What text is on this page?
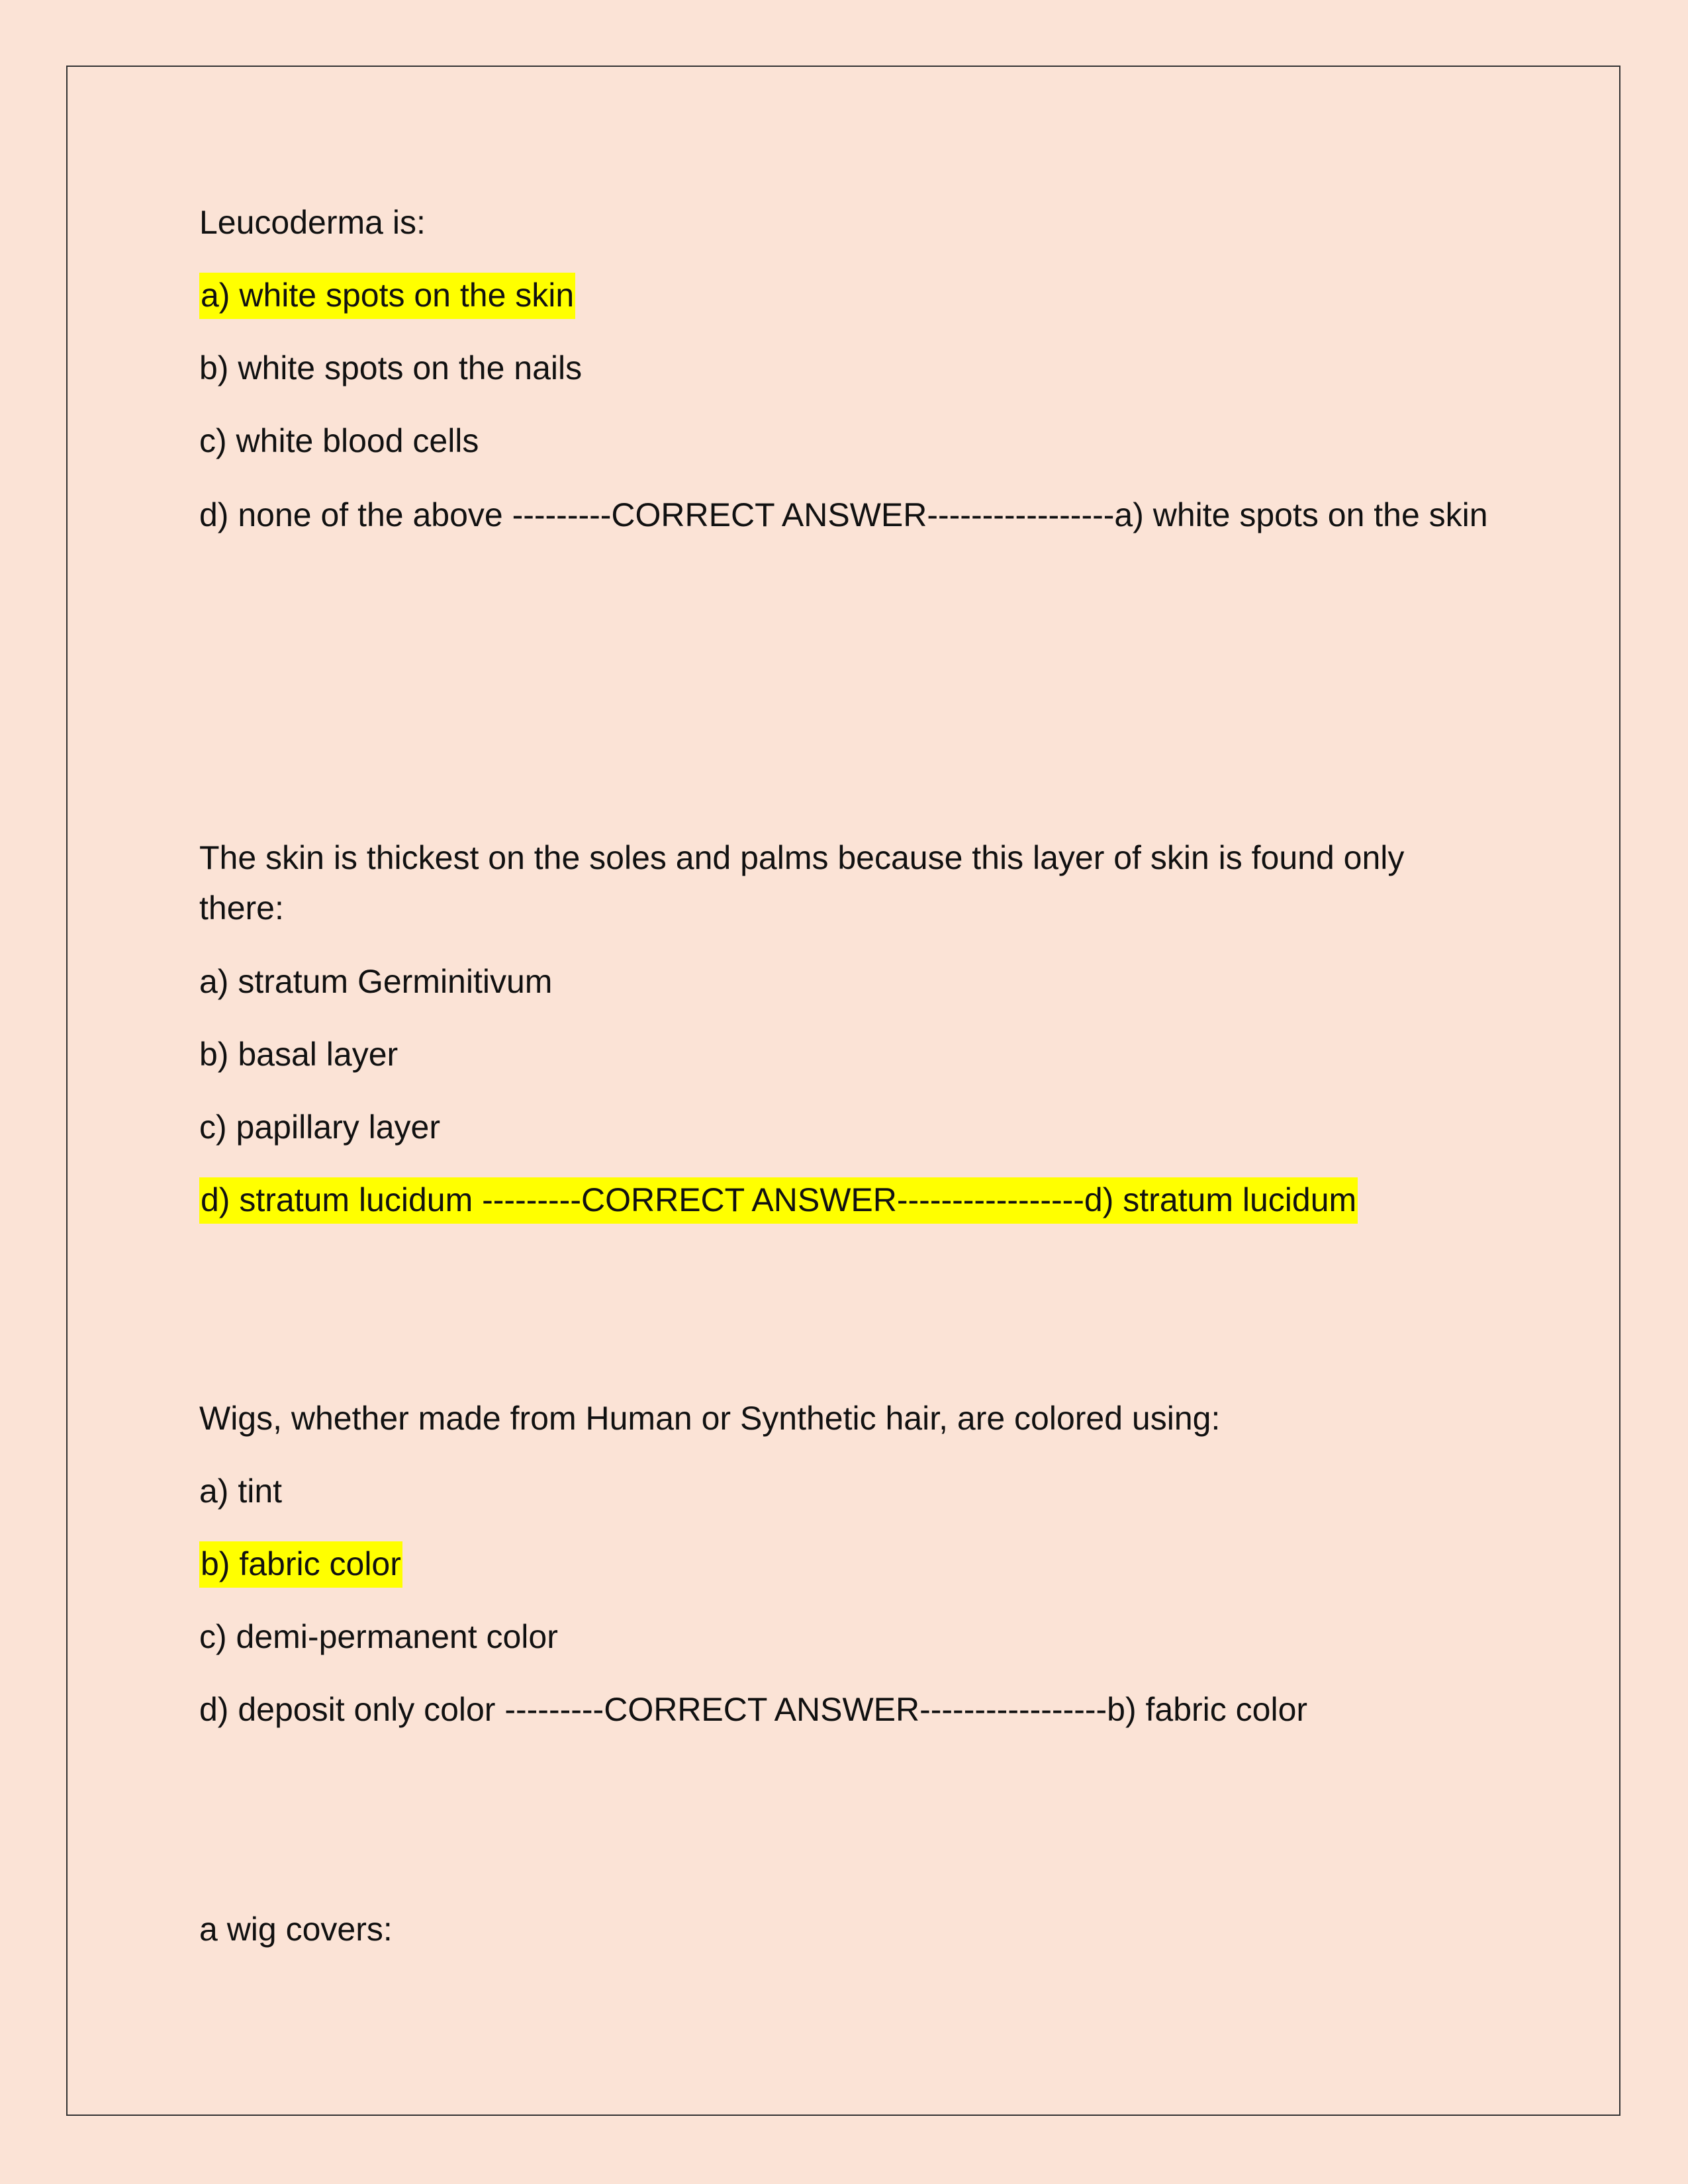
Leucoderma is:

a) white spots on the skin

b) white spots on the nails

c) white blood cells

d) none of the above ---------CORRECT ANSWER-----------------a) white spots on the skin

The skin is thickest on the soles and palms because this layer of skin is found only there:

a) stratum Germinitivum

b) basal layer

c) papillary layer

d) stratum lucidum ---------CORRECT ANSWER-----------------d) stratum lucidum

Wigs, whether made from Human or Synthetic hair, are colored using:

a) tint

b) fabric color

c) demi-permanent color

d) deposit only color ---------CORRECT ANSWER-----------------b) fabric color

a wig covers:
